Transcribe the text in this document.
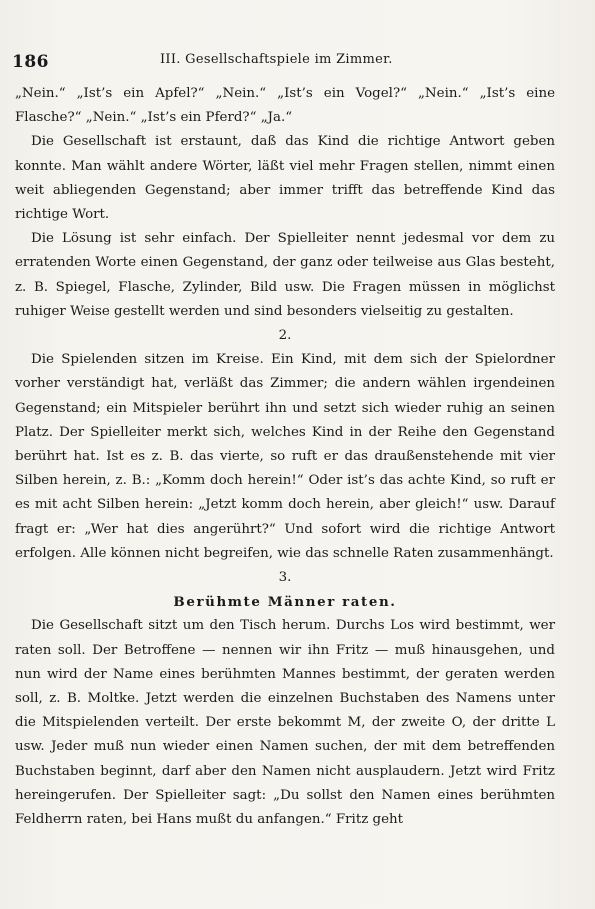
186	III. Gesellschaftspiele im Zimmer.

„Nein.“ „Ist’s ein Apfel?“ „Nein.“ „Ist’s ein Vogel?“ „Nein.“ „Ist’s eine Flasche?“ „Nein.“ „Ist’s ein Pferd?“ „Ja.“

Die Gesellschaft ist erstaunt, daß das Kind die richtige Antwort geben konnte. Man wählt andere Wörter, läßt viel mehr Fragen stellen, nimmt einen weit abliegenden Gegenstand; aber immer trifft das betreffende Kind das richtige Wort.

Die Lösung ist sehr einfach. Der Spielleiter nennt jedesmal vor dem zu erratenden Worte einen Gegenstand, der ganz oder teilweise aus Glas besteht, z. B. Spiegel, Flasche, Zylinder, Bild usw. Die Fragen müssen in möglichst ruhiger Weise gestellt werden und sind besonders vielseitig zu gestalten.

2.

Die Spielenden sitzen im Kreise. Ein Kind, mit dem sich der Spielordner vorher verständigt hat, verläßt das Zimmer; die andern wählen irgendeinen Gegenstand; ein Mitspieler berührt ihn und setzt sich wieder ruhig an seinen Platz. Der Spielleiter merkt sich, welches Kind in der Reihe den Gegenstand berührt hat. Ist es z. B. das vierte, so ruft er das draußenstehende mit vier Silben herein, z. B.: „Komm doch herein!“ Oder ist’s das achte Kind, so ruft er es mit acht Silben herein: „Jetzt komm doch herein, aber gleich!“ usw. Darauf fragt er: „Wer hat dies angerührt?“ Und sofort wird die richtige Antwort erfolgen. Alle können nicht begreifen, wie das schnelle Raten zusammenhängt.

3.

Berühmte Männer raten.

Die Gesellschaft sitzt um den Tisch herum. Durchs Los wird bestimmt, wer raten soll. Der Betroffene — nennen wir ihn Fritz — muß hinausgehen, und nun wird der Name eines berühmten Mannes bestimmt, der geraten werden soll, z. B. Moltke. Jetzt werden die einzelnen Buchstaben des Namens unter die Mitspielenden verteilt. Der erste bekommt M, der zweite O, der dritte L usw. Jeder muß nun wieder einen Namen suchen, der mit dem betreffenden Buchstaben beginnt, darf aber den Namen nicht ausplaudern. Jetzt wird Fritz hereingerufen. Der Spielleiter sagt: „Du sollst den Namen eines berühmten Feldherrn raten, bei Hans mußt du anfangen.“ Fritz geht
